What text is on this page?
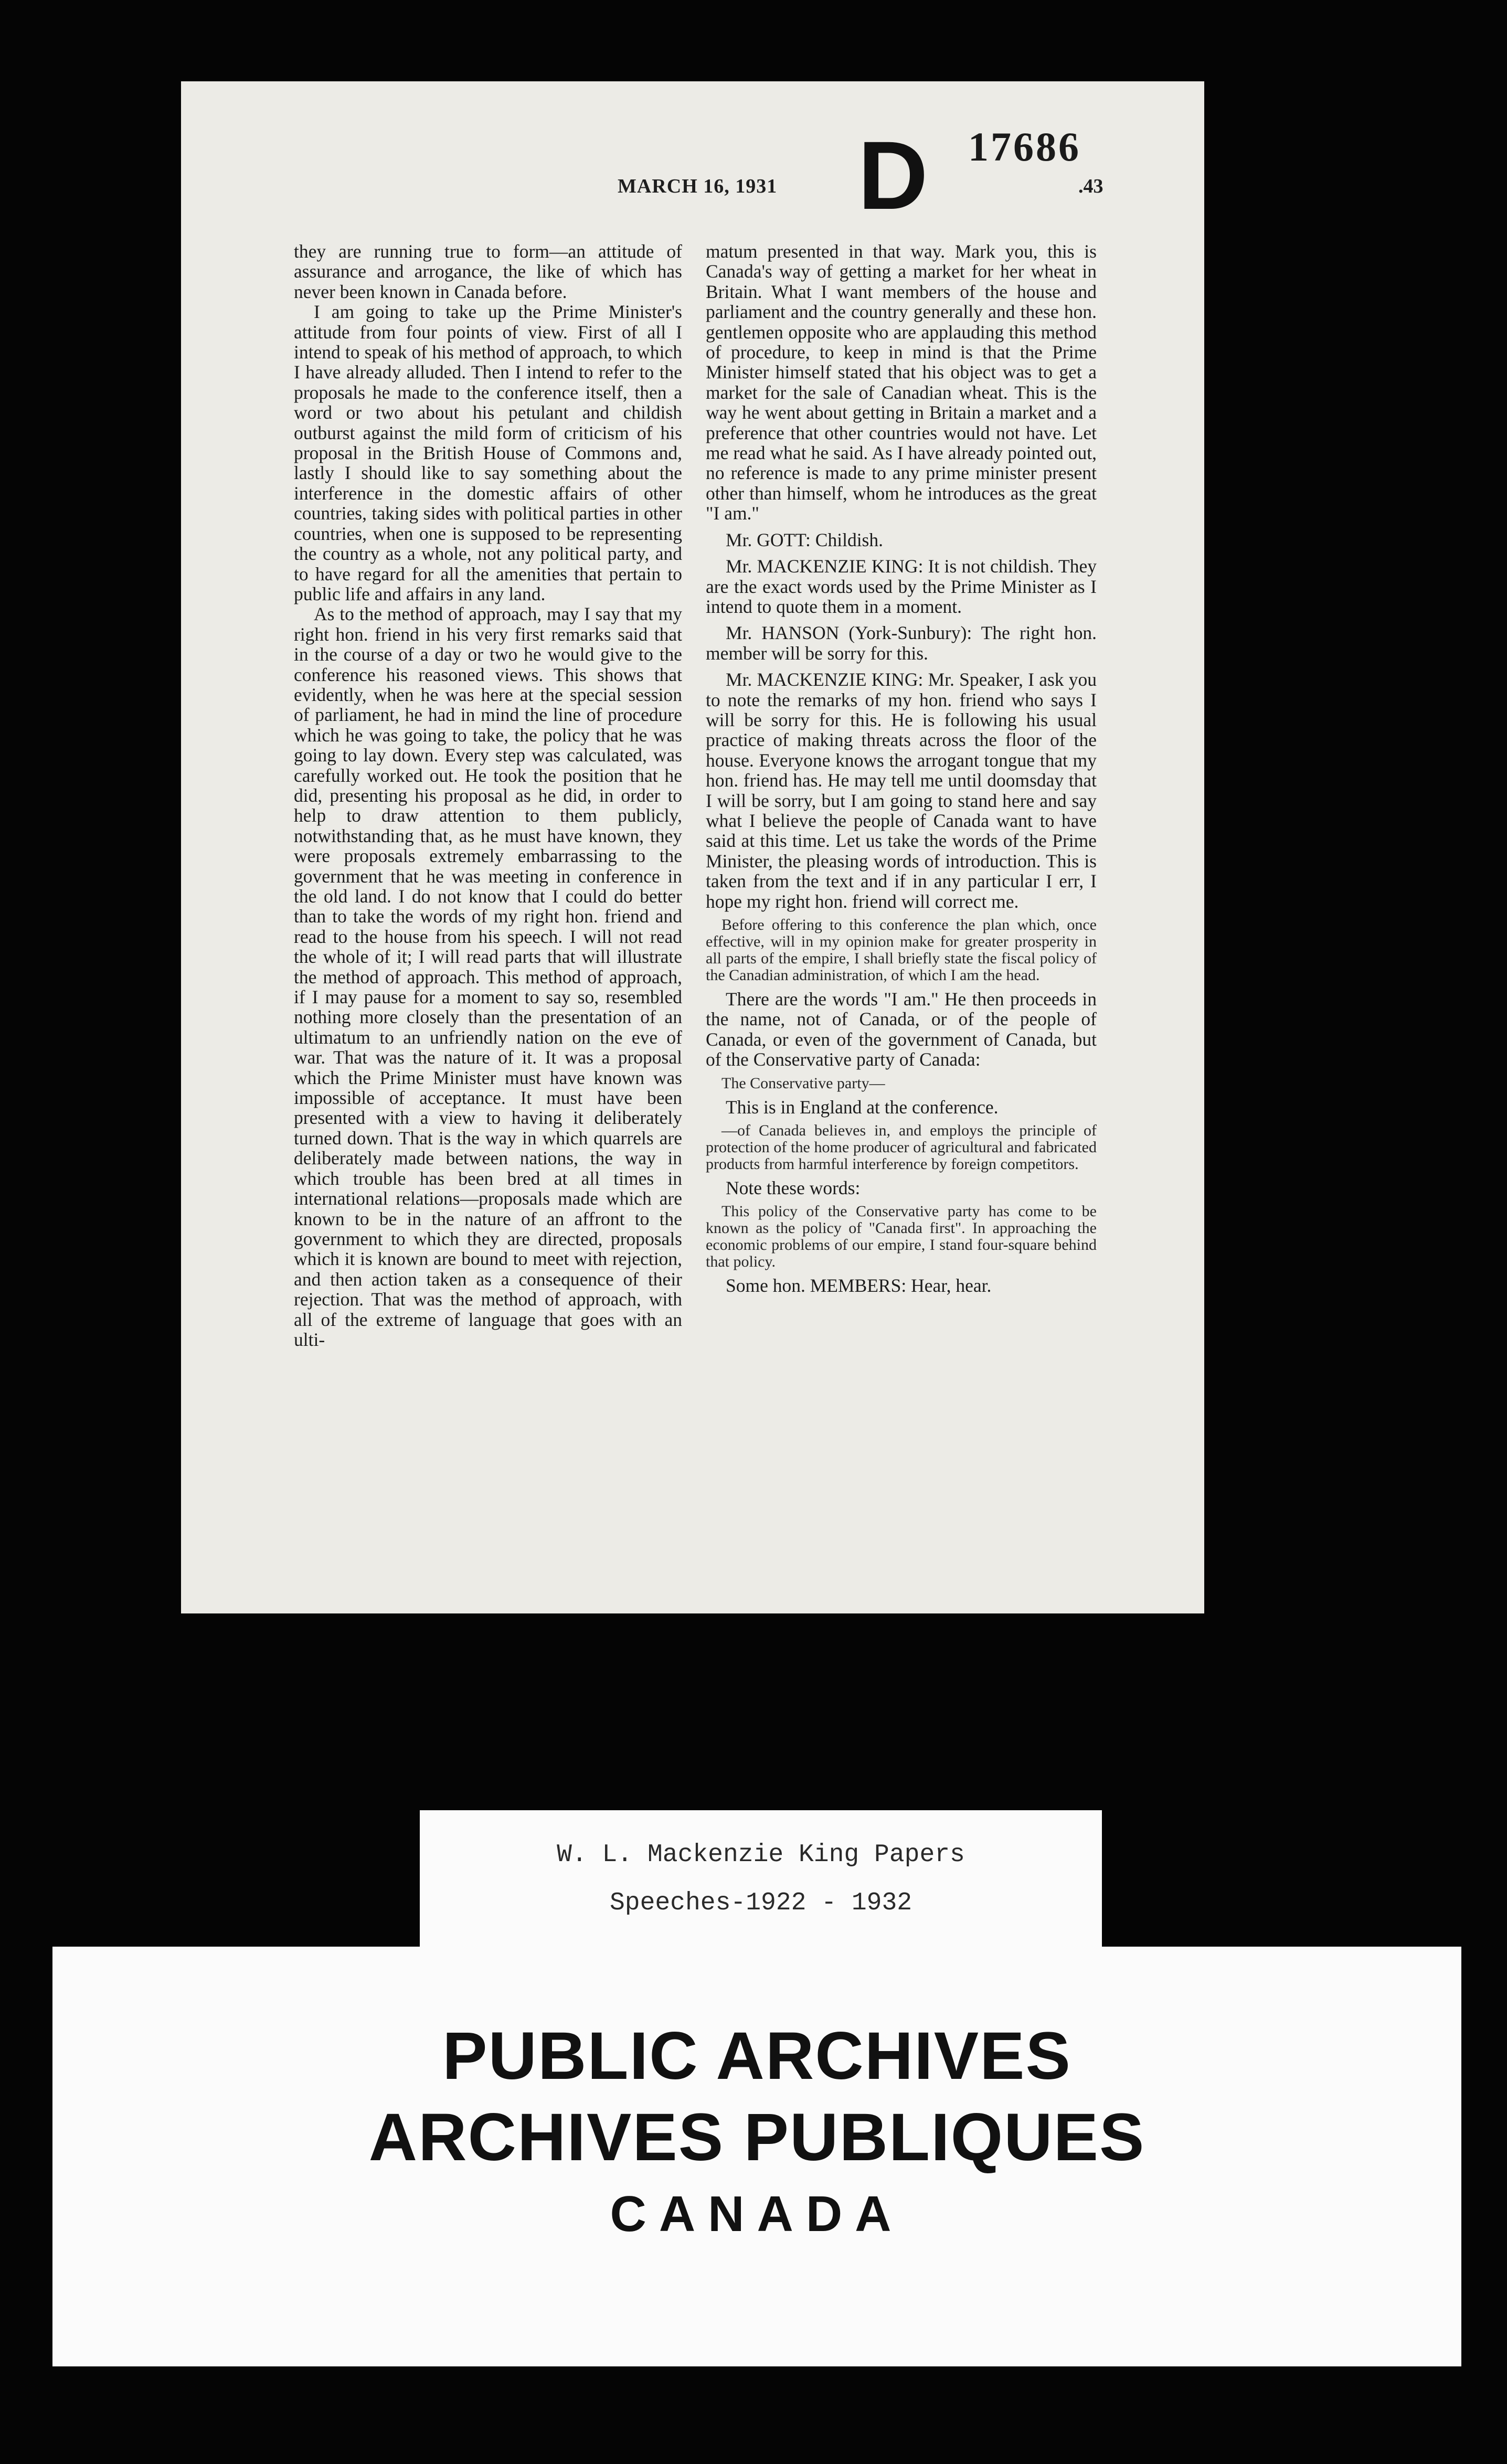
D 17686
MARCH 16, 1931	.43

they are running true to form—an attitude of assurance and arrogance, the like of which has never been known in Canada before.

I am going to take up the Prime Minister's attitude from four points of view. First of all I intend to speak of his method of approach, to which I have already alluded. Then I intend to refer to the proposals he made to the conference itself, then a word or two about his petulant and childish outburst against the mild form of criticism of his proposal in the British House of Commons and, lastly I should like to say something about the interference in the domestic affairs of other countries, taking sides with political parties in other countries, when one is supposed to be representing the country as a whole, not any political party, and to have regard for all the amenities that pertain to public life and affairs in any land.

As to the method of approach, may I say that my right hon. friend in his very first remarks said that in the course of a day or two he would give to the conference his reasoned views. This shows that evidently, when he was here at the special session of parliament, he had in mind the line of procedure which he was going to take, the policy that he was going to lay down. Every step was calculated, was carefully worked out. He took the position that he did, presenting his proposal as he did, in order to help to draw attention to them publicly, notwithstanding that, as he must have known, they were proposals extremely embarrassing to the government that he was meeting in conference in the old land. I do not know that I could do better than to take the words of my right hon. friend and read to the house from his speech. I will not read the whole of it; I will read parts that will illustrate the method of approach. This method of approach, if I may pause for a moment to say so, resembled nothing more closely than the presentation of an ultimatum to an unfriendly nation on the eve of war. That was the nature of it. It was a proposal which the Prime Minister must have known was impossible of acceptance. It must have been presented with a view to having it deliberately turned down. That is the way in which quarrels are deliberately made between nations, the way in which trouble has been bred at all times in international relations—proposals made which are known to be in the nature of an affront to the government to which they are directed, proposals which it is known are bound to meet with rejection, and then action taken as a consequence of their rejection. That was the method of approach, with all of the extreme of language that goes with an ulti-

matum presented in that way. Mark you, this is Canada's way of getting a market for her wheat in Britain. What I want members of the house and parliament and the country generally and these hon. gentlemen opposite who are applauding this method of procedure, to keep in mind is that the Prime Minister himself stated that his object was to get a market for the sale of Canadian wheat. This is the way he went about getting in Britain a market and a preference that other countries would not have. Let me read what he said. As I have already pointed out, no reference is made to any prime minister present other than himself, whom he introduces as the great "I am."

Mr. GOTT: Childish.

Mr. MACKENZIE KING: It is not childish. They are the exact words used by the Prime Minister as I intend to quote them in a moment.

Mr. HANSON (York-Sunbury): The right hon. member will be sorry for this.

Mr. MACKENZIE KING: Mr. Speaker, I ask you to note the remarks of my hon. friend who says I will be sorry for this. He is following his usual practice of making threats across the floor of the house. Everyone knows the arrogant tongue that my hon. friend has. He may tell me until doomsday that I will be sorry, but I am going to stand here and say what I believe the people of Canada want to have said at this time. Let us take the words of the Prime Minister, the pleasing words of introduction. This is taken from the text and if in any particular I err, I hope my right hon. friend will correct me.

Before offering to this conference the plan which, once effective, will in my opinion make for greater prosperity in all parts of the empire, I shall briefly state the fiscal policy of the Canadian administration, of which I am the head.

There are the words "I am." He then proceeds in the name, not of Canada, or of the people of Canada, or even of the government of Canada, but of the Conservative party of Canada:

The Conservative party—

This is in England at the conference.

—of Canada believes in, and employs the principle of protection of the home producer of agricultural and fabricated products from harmful interference by foreign competitors.

Note these words:

This policy of the Conservative party has come to be known as the policy of "Canada first". In approaching the economic problems of our empire, I stand four-square behind that policy.

Some hon. MEMBERS: Hear, hear.

W. L. Mackenzie King Papers
Speeches-1922 - 1932
PUBLIC ARCHIVES
ARCHIVES PUBLIQUES
CANADA
